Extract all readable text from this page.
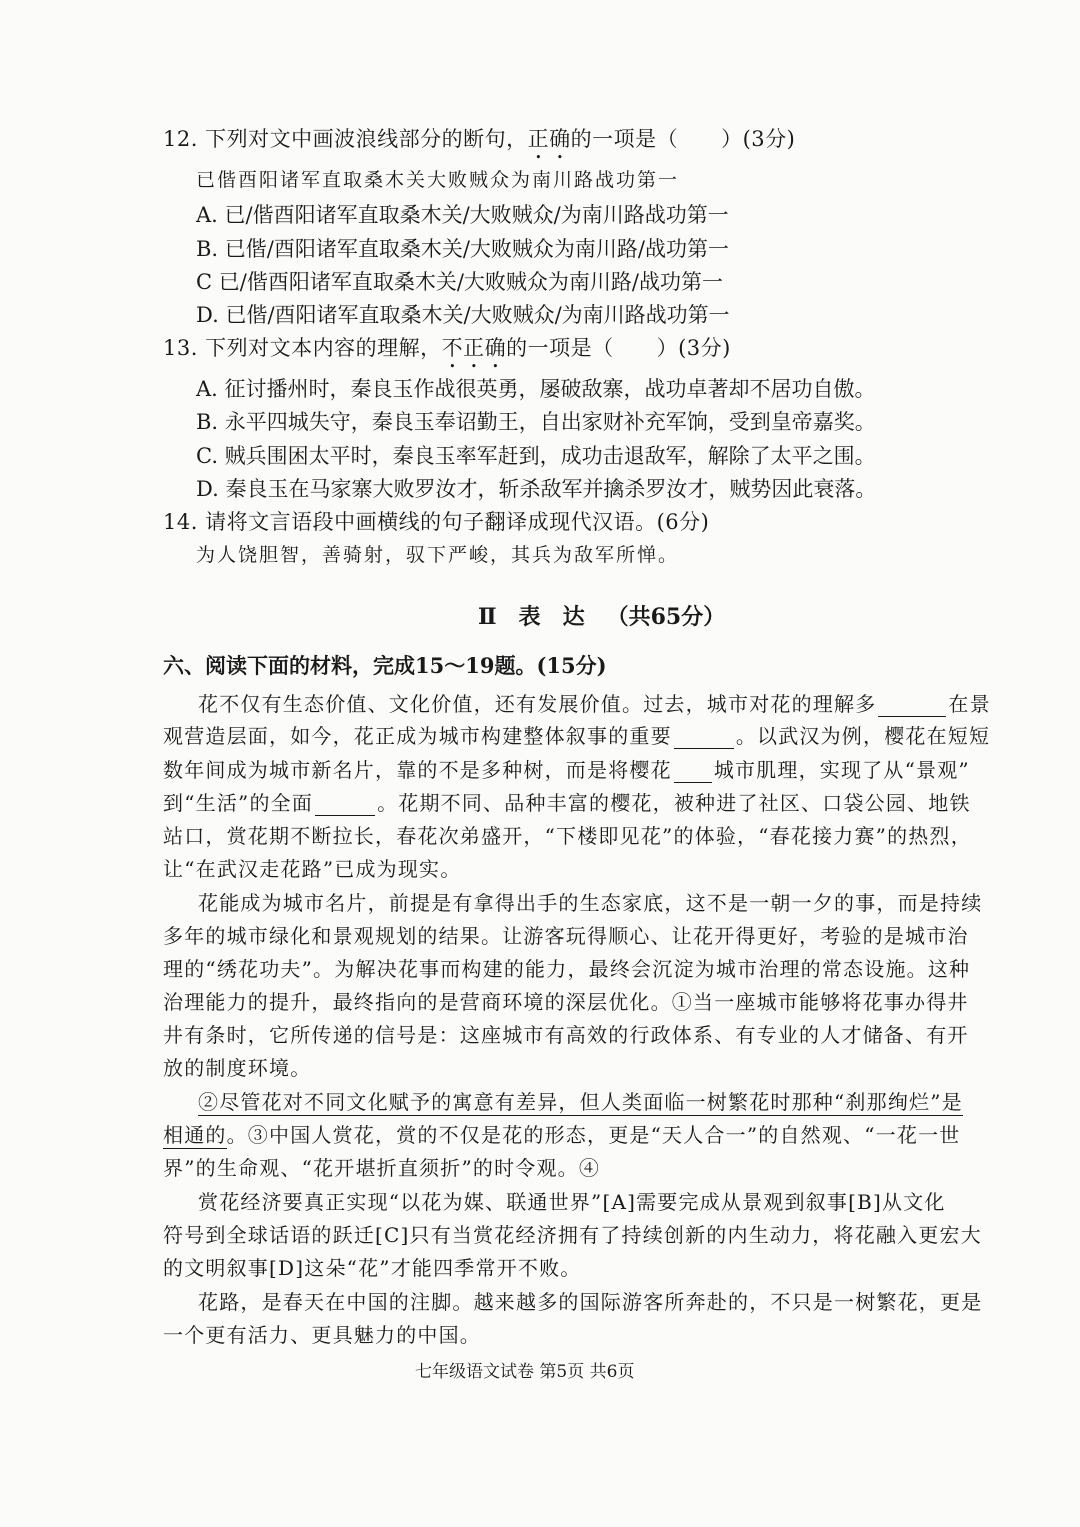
12. 下列对文中画波浪线部分的断句，正确的一项是（　　）(3分)
已偕酉阳诸军直取桑木关大败贼众为南川路战功第一
A. 已/偕酉阳诸军直取桑木关/大败贼众/为南川路战功第一
B. 已偕/酉阳诸军直取桑木关/大败贼众为南川路/战功第一
C 已/偕酉阳诸军直取桑木关/大败贼众为南川路/战功第一
D. 已偕/酉阳诸军直取桑木关/大败贼众/为南川路战功第一
13. 下列对文本内容的理解，不正确的一项是（　　）(3分)
A. 征讨播州时，秦良玉作战很英勇，屡破敌寨，战功卓著却不居功自傲。
B. 永平四城失守，秦良玉奉诏勤王，自出家财补充军饷，受到皇帝嘉奖。
C. 贼兵围困太平时，秦良玉率军赶到，成功击退敌军，解除了太平之围。
D. 秦良玉在马家寨大败罗汝才，斩杀敌军并擒杀罗汝才，贼势因此衰落。
14. 请将文言语段中画横线的句子翻译成现代汉语。(6分)
为人饶胆智，善骑射，驭下严峻，其兵为敌军所惮。
Ⅱ 表 达 （共65分）
六、阅读下面的材料，完成15～19题。(15分)
花不仅有生态价值、文化价值，还有发展价值。过去，城市对花的理解多	在景
观营造层面，如今，花正成为城市构建整体叙事的重要	。以武汉为例，樱花在短短
数年间成为城市新名片，靠的不是多种树，而是将樱花 城市肌理，实现了从“景观”
到“生活”的全面	。花期不同、品种丰富的樱花，被种进了社区、口袋公园、地铁
站口，赏花期不断拉长，春花次弟盛开，“下楼即见花”的体验，“春花接力赛”的热烈，
让“在武汉走花路”已成为现实。
花能成为城市名片，前提是有拿得出手的生态家底，这不是一朝一夕的事，而是持续
多年的城市绿化和景观规划的结果。让游客玩得顺心、让花开得更好，考验的是城市治
理的“绣花功夫”。为解决花事而构建的能力，最终会沉淀为城市治理的常态设施。这种
治理能力的提升，最终指向的是营商环境的深层优化。①当一座城市能够将花事办得井
井有条时，它所传递的信号是：这座城市有高效的行政体系、有专业的人才储备、有开
放的制度环境。
②尽管花对不同文化赋予的寓意有差异，但人类面临一树繁花时那种“刹那绚烂”是
相通的。③中国人赏花，赏的不仅是花的形态，更是“天人合一”的自然观、“一花一世
界”的生命观、“花开堪折直须折”的时令观。④
赏花经济要真正实现“以花为媒、联通世界”[A]需要完成从景观到叙事[B]从文化
符号到全球话语的跃迁[C]只有当赏花经济拥有了持续创新的内生动力，将花融入更宏大
的文明叙事[D]这朵“花”才能四季常开不败。
花路，是春天在中国的注脚。越来越多的国际游客所奔赴的，不只是一树繁花，更是
一个更有活力、更具魅力的中国。
七年级语文试卷 第5页 共6页
